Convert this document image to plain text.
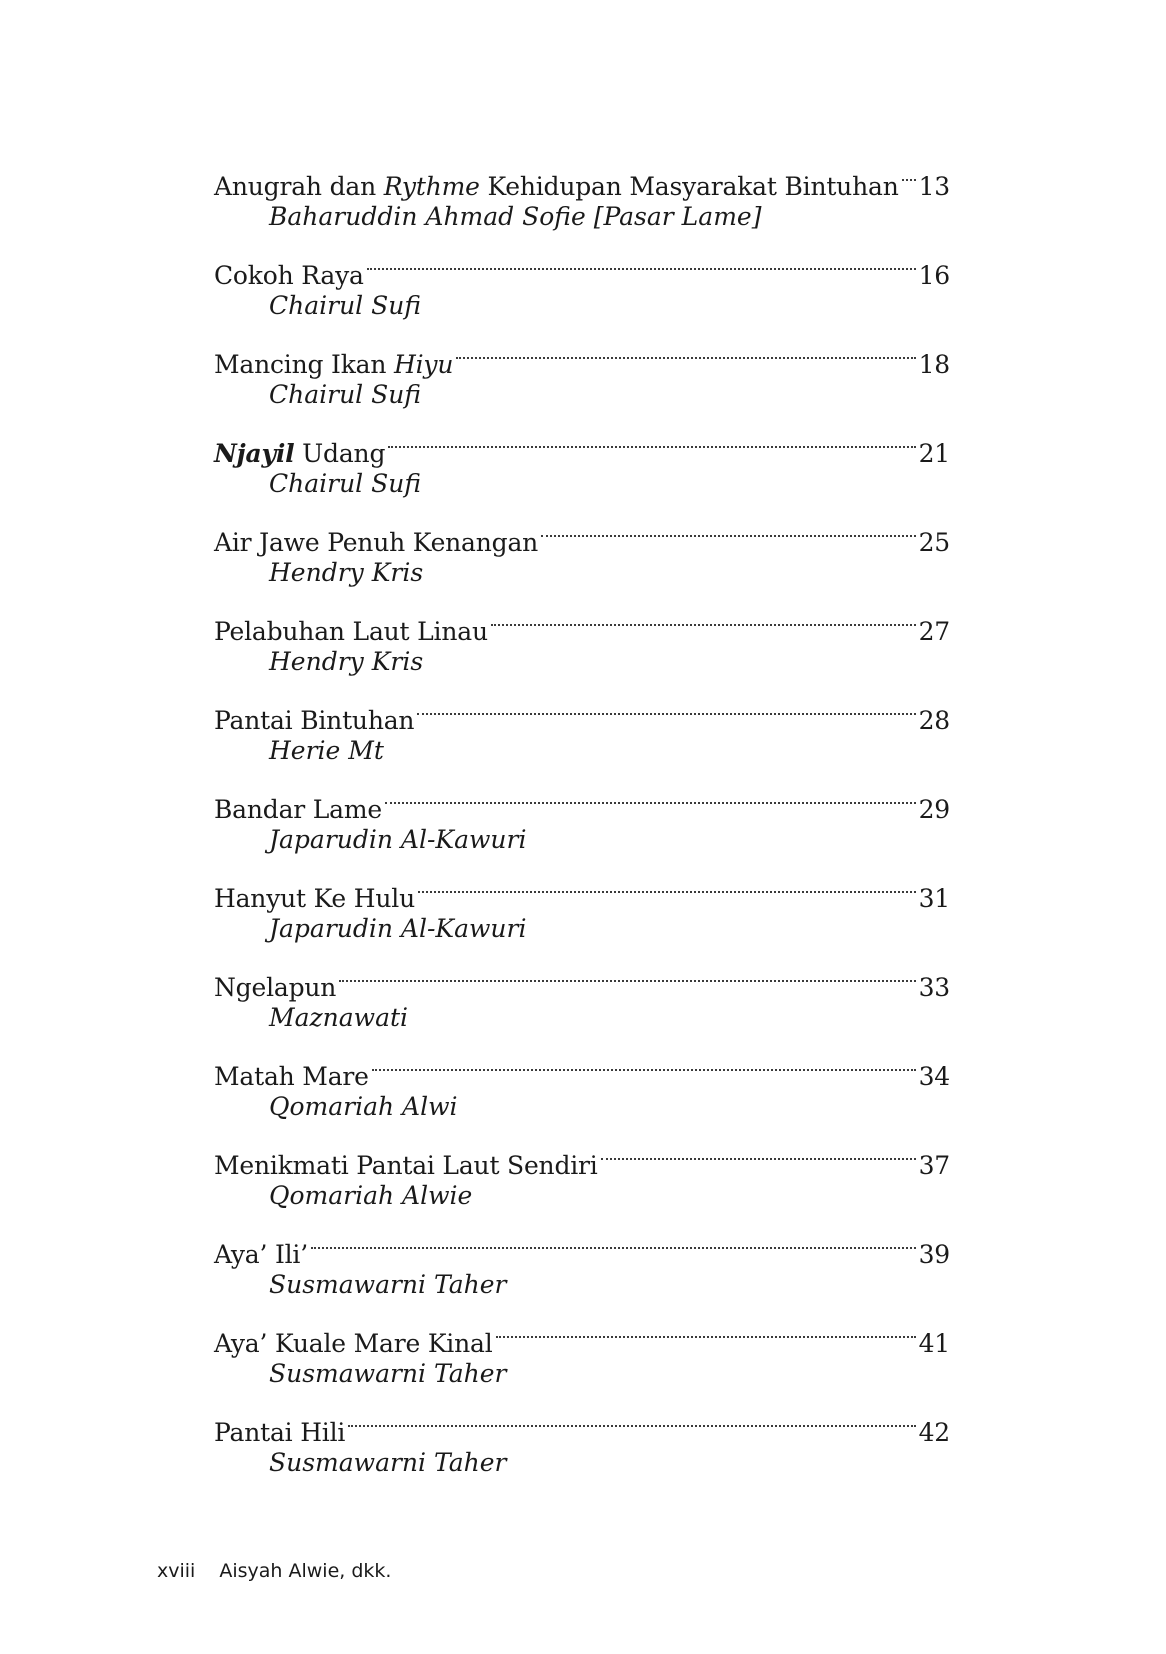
Anugrah dan Rythme Kehidupan Masyarakat Bintuhan 13
Baharuddin Ahmad Sofie [Pasar Lame]
Cokoh Raya	16
Chairul Sufi
Mancing Ikan Hiyu	18
Chairul Sufi
Njayil Udang	21
Chairul Sufi
Air Jawe Penuh Kenangan	25
Hendry Kris
Pelabuhan Laut Linau	27
Hendry Kris
Pantai Bintuhan	28
Herie Mt
Bandar Lame	29
Japarudin Al-Kawuri
Hanyut Ke Hulu	31
Japarudin Al-Kawuri
Ngelapun	33
Maznawati
Matah Mare	34
Qomariah Alwi
Menikmati Pantai Laut Sendiri	37
Qomariah Alwie
Aya’ Ili’	39
Susmawarni Taher
Aya’ Kuale Mare Kinal	41
Susmawarni Taher
Pantai Hili	42
Susmawarni Taher
xviii Aisyah Alwie, dkk.
